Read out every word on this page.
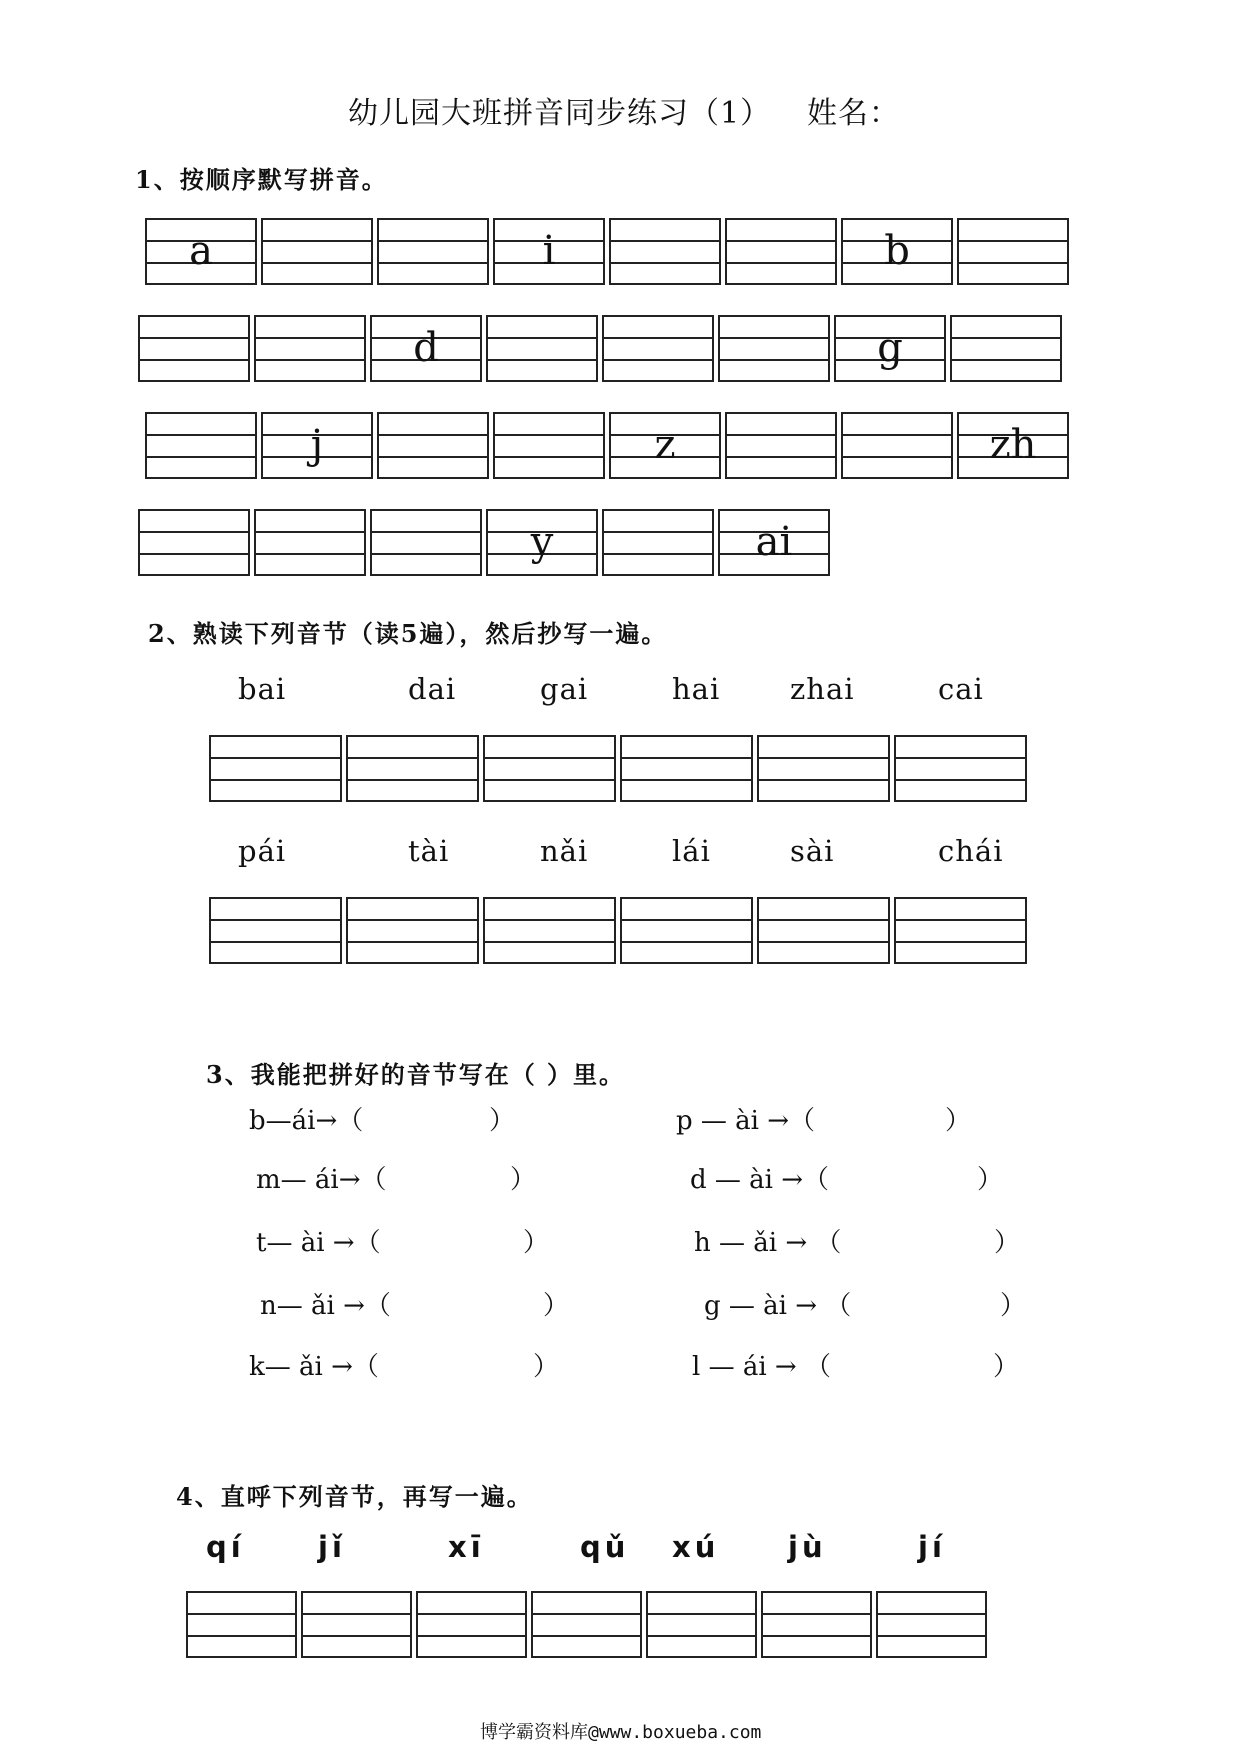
幼儿园大班拼音同步练习（1） 姓名：
1、按顺序默写拼音。
a	i	b
d	g
j	z	zh
y	ai
2、熟读下列音节（读5遍），然后抄写一遍。
bai	dai	gai	hai zhai	cai
pái	tài	nǎi	lái	sài	chái
3、我能把拼好的音节写在（ ）里。
b—ái→（	）
m— ái→（	）
t— ài →（	）
n— ǎi →（	）
k— ǎi →（	）
p — ài →（	）
d — ài →（	）
h — ǎi → （	）
g — ài → （	）
l — ái → （	）
4、直呼下列音节，再写一遍。
qí	jǐ	xī	qǔ xú jù	jí
博学霸资料库@www.boxueba.com
